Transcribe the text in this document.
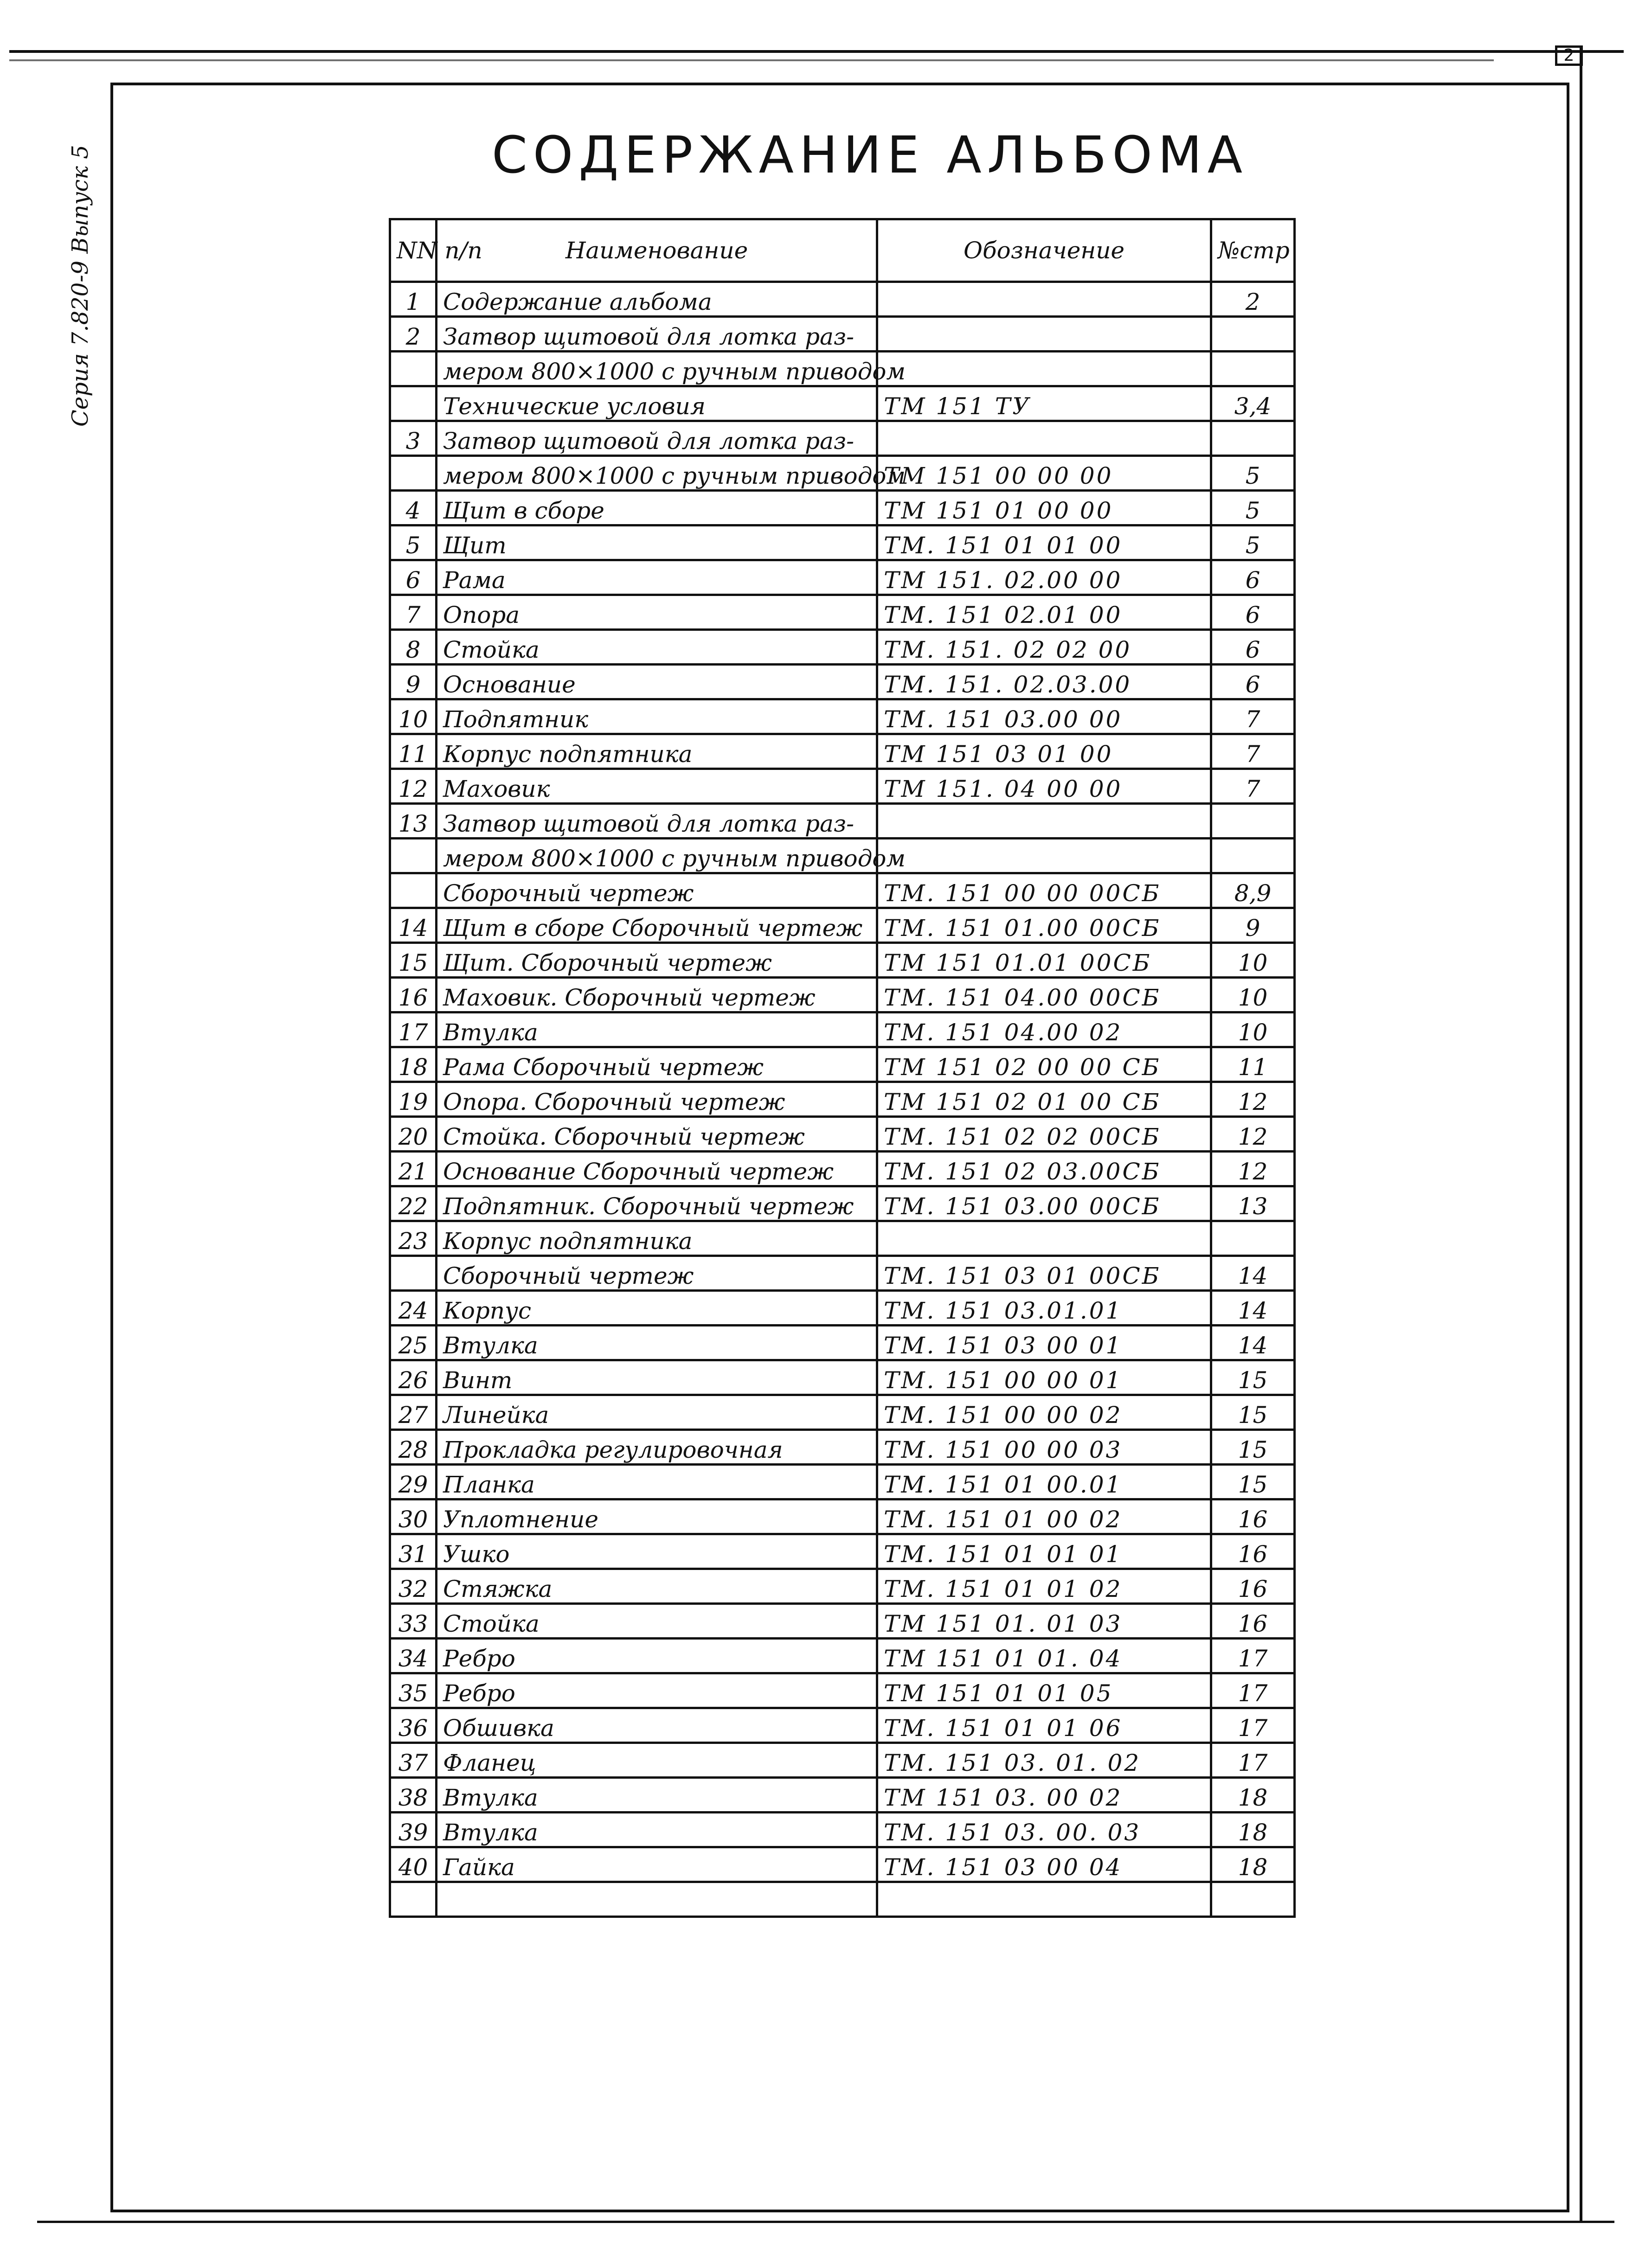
2
Серия 7.820-9 Выпуск 5	СОДЕРЖАНИЕ АЛЬБОМА
NN п/п	Наименование	Обозначение	№стр
1	Содержание альбома		2
2	Затвор щитовой для лотка раз-		
	мером 800×1000 с ручным приводом		
	Технические условия	ТМ 151 ТУ	3,4
3	Затвор щитовой для лотка раз-		
	мером 800×1000 с ручным приводом	ТМ 151 00 00 00	5
4	Щит в сборе	ТМ 151 01 00 00	5
5	Щит	ТМ. 151 01 01 00	5
6	Рама	ТМ 151. 02.00 00	6
7	Опора	ТМ. 151 02.01 00	6
8	Стойка	ТМ. 151. 02 02 00	6
9	Основание	ТМ. 151. 02.03.00	6
10	Подпятник	ТМ. 151 03.00 00	7
11	Корпус подпятника	ТМ 151 03 01 00	7
12	Маховик	ТМ 151. 04 00 00	7
13	Затвор щитовой для лотка раз-		
	мером 800×1000 с ручным приводом		
	Сборочный чертеж	ТМ. 151 00 00 00СБ	8,9
14	Щит в сборе Сборочный чертеж	ТМ. 151 01.00 00СБ	9
15	Щит. Сборочный чертеж	ТМ 151 01.01 00СБ	10
16	Маховик. Сборочный чертеж	ТМ. 151 04.00 00СБ	10
17	Втулка	ТМ. 151 04.00 02	10
18	Рама Сборочный чертеж	ТМ 151 02 00 00 СБ	11
19	Опора. Сборочный чертеж	ТМ 151 02 01 00 СБ	12
20	Стойка. Сборочный чертеж	ТМ. 151 02 02 00СБ	12
21	Основание Сборочный чертеж	ТМ. 151 02 03.00СБ	12
22	Подпятник. Сборочный чертеж	ТМ. 151 03.00 00СБ	13
23	Корпус подпятника		
	Сборочный чертеж	ТМ. 151 03 01 00СБ	14
24	Корпус	ТМ. 151 03.01.01	14
25	Втулка	ТМ. 151 03 00 01	14
26	Винт	ТМ. 151 00 00 01	15
27	Линейка	ТМ. 151 00 00 02	15
28	Прокладка регулировочная	ТМ. 151 00 00 03	15
29	Планка	ТМ. 151 01 00.01	15
30	Уплотнение	ТМ. 151 01 00 02	16
31	Ушко	ТМ. 151 01 01 01	16
32	Стяжка	ТМ. 151 01 01 02	16
33	Стойка	ТМ 151 01. 01 03	16
34	Ребро	ТМ 151 01 01. 04	17
35	Ребро	ТМ 151 01 01 05	17
36	Обшивка	ТМ. 151 01 01 06	17
37	Фланец	ТМ. 151 03. 01. 02	17
38	Втулка	ТМ 151 03. 00 02	18
39	Втулка	ТМ. 151 03. 00. 03	18
40	Гайка	ТМ. 151 03 00 04	18
